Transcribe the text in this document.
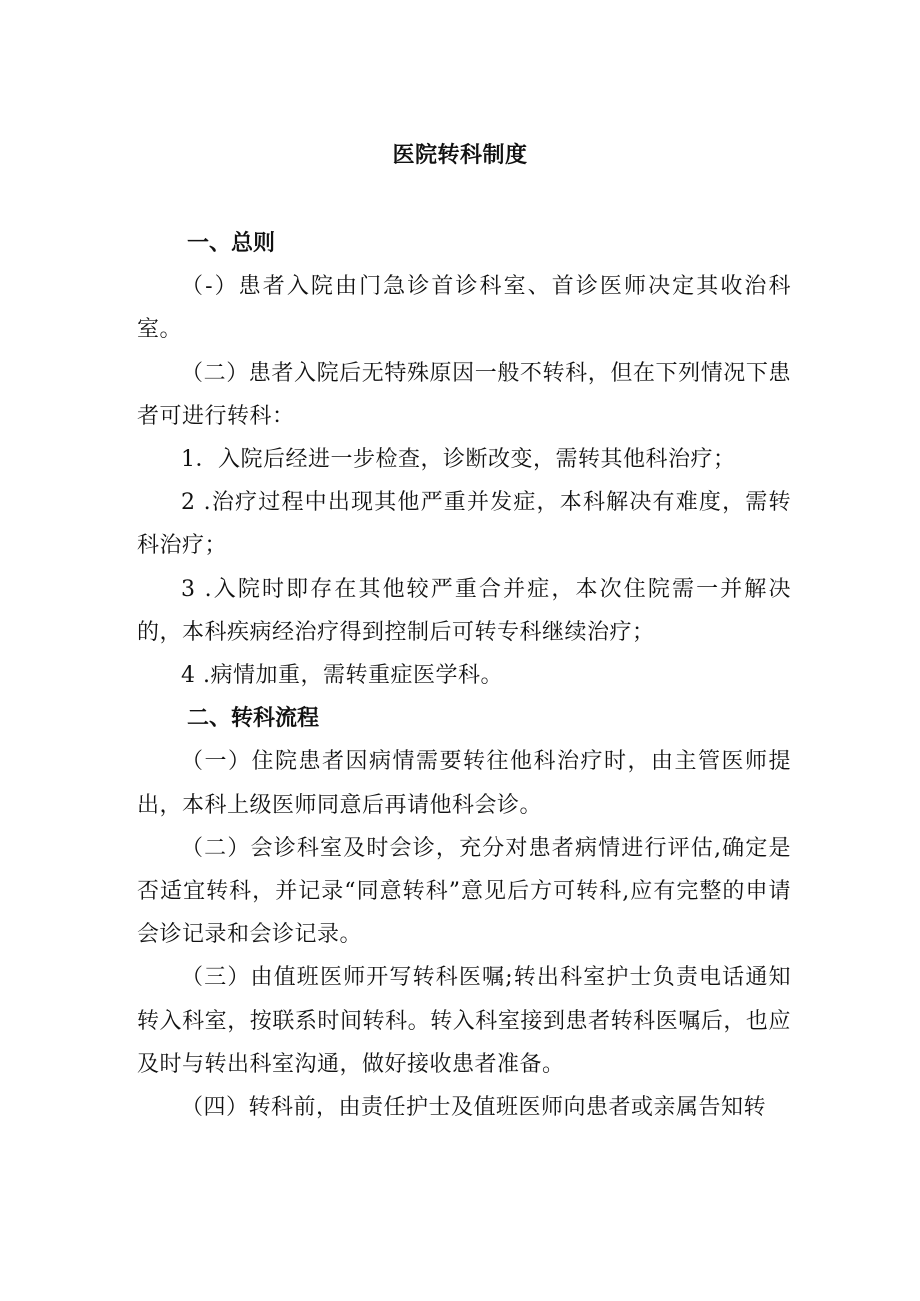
医院转科制度

一、总则

（-）患者入院由门急诊首诊科室、首诊医师决定其收治科室。

（二）患者入院后无特殊原因一般不转科，但在下列情况下患者可进行转科：

1．入院后经进一步检查，诊断改变，需转其他科治疗；

2 .治疗过程中出现其他严重并发症，本科解决有难度，需转科治疗；

3 .入院时即存在其他较严重合并症，本次住院需一并解决的，本科疾病经治疗得到控制后可转专科继续治疗；

4 .病情加重，需转重症医学科。

二、转科流程

（一）住院患者因病情需要转往他科治疗时，由主管医师提出，本科上级医师同意后再请他科会诊。

（二）会诊科室及时会诊，充分对患者病情进行评估,确定是否适宜转科，并记录“同意转科”意见后方可转科,应有完整的申请会诊记录和会诊记录。

（三）由值班医师开写转科医嘱;转出科室护士负责电话通知转入科室，按联系时间转科。转入科室接到患者转科医嘱后，也应及时与转出科室沟通，做好接收患者准备。

（四）转科前，由责任护士及值班医师向患者或亲属告知转
